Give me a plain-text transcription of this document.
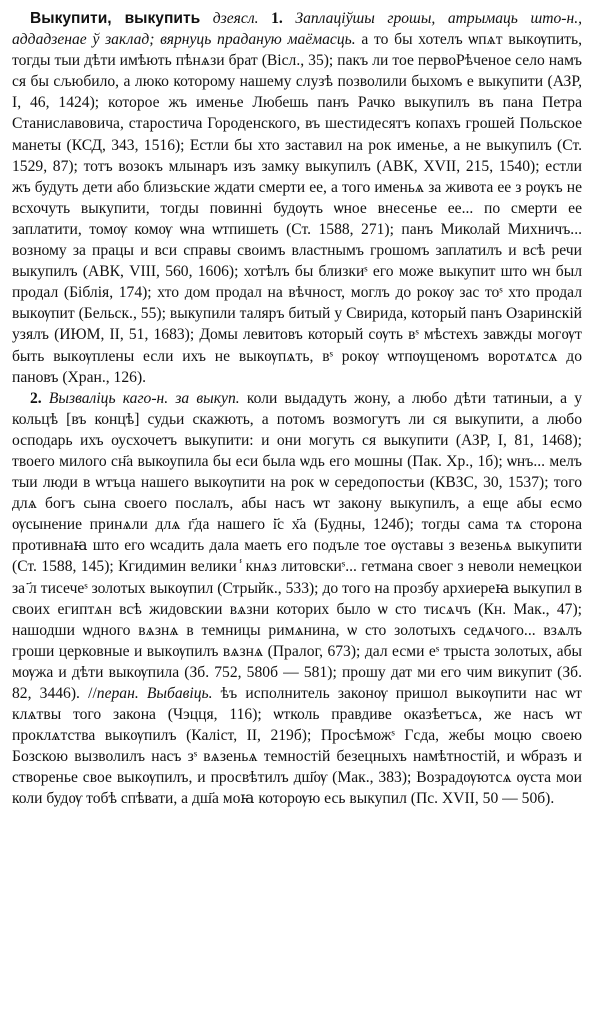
Выкупити, выкупить дзеясл. 1. Заплаціўшы грошы, атрымаць што-н., аддадзенае ў заклад; вярнуць праданую маёмасць. а то бы хотелъ ѡпѧт выкѹпить, тогды тыи дѣти имѣють пѣнѧзи брат (Вісл., 35); пакъ ли тое первоРѣченое село намъ ся бы сљюбило, а люко которому нашему слузѣ позволили быхомъ е выкупити (АЗР, I, 46, 1424); которое жъ именье Любешь панъ Рачко выкупилъ въ пана Петра Станиславовича, старостича Городенского, въ шестидесятъ копахъ грошей Польское манеты (КСД, 343, 1516); Естли бы хто заставил на рок именье, а не выкупилъ (Ст. 1529, 87); тотъ возокъ млынаръ изъ замку выкупилъ (АВК, XVII, 215, 1540); естли жъ будуть дети або близьские ждати смерти ее, а того именьѧ за живота ее з рѹкъ не всхочуть выкупити, тогды повиннi будѹть ѡное внесенье ее... по смерти ее заплатити, томѹ комѹ ѡна ѡтпишеть (Ст. 1588, 271); панъ Миколай Михничъ... возному за працы и вси справы своимъ властнымъ грошомъ заплатилъ и всѣ речи выкупилъ (АВК, VIII, 560, 1606); хотѣлъ бы близкиˢ его може выкупит што ѡн был продал (Біблія, 174); хто дом продал на вѣчност, моглъ до рокѹ зас тоˢ хто продал выкѹпит (Бельск., 55); выкупили таляръ битый у Свирида, который панъ Озаринскій узялъ (ИЮМ, II, 51, 1683); Домы левитовъ который сѹть вˢ мѣстехъ завжды могѹт быть выкѹплены если ихъ не выкѹпѧть, вˢ рокѹ ѡтпѹщеномъ воротѧтсѧ до пановъ (Хран., 126).

2. Вызваліць каго-н. за выкуп. коли выдадуть жону, а любо дѣти татиныи, а у кольцѣ [въ концѣ] судьи скажють, а потомъ возмогутъ ли ся выкупити, а любо осподарь ихъ оусхочетъ выкупити: и они могуть ся выкупити (АЗР, I, 81, 1468); твоего милого сн҃а выкоупила бы еси была ѡдь его мошны (Пак. Хр., 1б); ѡнъ... мелъ тыи люди в ѡтъца нашего выкѹпити на рок ѡ середопостьи (КВЗС, 30, 1537); того длѧ богъ сына своего послалъ, абы насъ ѡт закону выкупилъ, а еще абы есмо ѹсынение принѧли длѧ г҃да нашего і҃с х҃а (Будны, 124б); тогды сама тѧ сторона противнаꙗ што его ѡсадить дала маеть его подъле тое ѹставы з везеньѧ выкупити (Ст. 1588, 145); Кгидимин велики ̾ кнѧз литовскиˢ... гетмана своег з неволи немецкои за ҃л тисечеˢ золотых выкѹпил (Стрыйк., 533); до того на прозбу архиереꙗ выкупил в своих египтѧн всѣ жидовскии вѧзни которих было ѡ сто тисѧчъ (Кн. Мак., 47); нашодши ѡдного вѧзнѧ в темницы римѧнина, ѡ сто золотыхъ седѧчого... взѧлъ гроши церковные и выкѹпилъ вѧзнѧ (Пралог, 673); дал есми еˢ трыста золотых, абы мѹжа и дѣти выкѹпила (Зб. 752, 580б — 581); прошу дат ми его чим викупит (Зб. 82, 3446). //перан. Выбавіць. ѣъ исполнитель законѹ пришол выкѹпити нас ѡт клѧтвы того закона (Чэцця, 116); ѡтколь правдиве оказѣетъсѧ, же насъ ѡт проклѧтства выкѹпилъ (Каліст, II, 219б); Просѣможˢ Гсда, жебы моцю своею Бозскою вызволилъ насъ зˢ вѧзеньѧ темностій безецныхъ намѣтностій, и ѡбразъ и створенье свое выкѹпилъ, и просвѣтилъ дш҃ѹ (Мак., 383); Возрадѹютсѧ ѹста мои коли будѹ тобѣ спѣвати, а дш҃а моꙗ которѹю есь выкупил (Пс. XVII, 50 — 50б).
